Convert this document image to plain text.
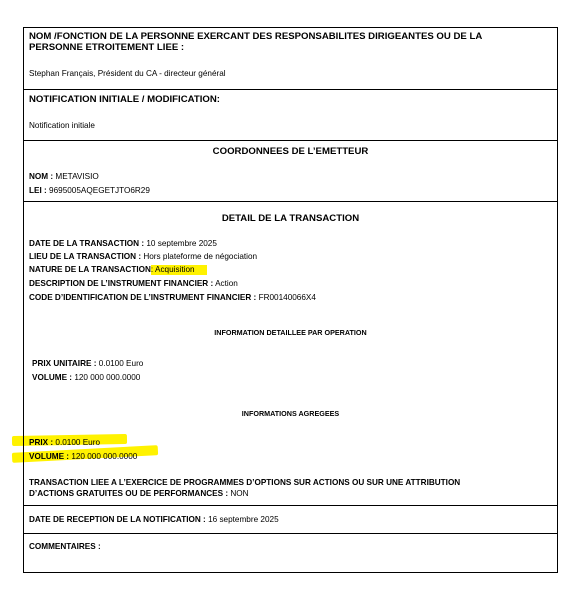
NOM /FONCTION DE LA PERSONNE EXERCANT DES RESPONSABILITES DIRIGEANTES OU DE LA
PERSONNE ETROITEMENT LIEE :
Stephan Français, Président du CA - directeur général
NOTIFICATION INITIALE / MODIFICATION:
Notification initiale
COORDONNEES DE L’EMETTEUR
NOM : METAVISIO
LEI : 9695005AQEGETJTO6R29
DETAIL DE LA TRANSACTION
DATE DE LA TRANSACTION : 10 septembre 2025
LIEU DE LA TRANSACTION : Hors plateforme de négociation
NATURE DE LA TRANSACTION: Acquisition
DESCRIPTION DE L’INSTRUMENT FINANCIER : Action
CODE D’IDENTIFICATION DE L’INSTRUMENT FINANCIER : FR00140066X4
INFORMATION DETAILLEE PAR OPERATION
PRIX UNITAIRE : 0.0100 Euro
VOLUME : 120 000 000.0000
INFORMATIONS AGREGEES
PRIX : 0.0100 Euro
VOLUME : 120 000 000.0000
TRANSACTION LIEE A L’EXERCICE DE PROGRAMMES D’OPTIONS SUR ACTIONS OU SUR UNE ATTRIBUTION
D’ACTIONS GRATUITES OU DE PERFORMANCES : NON
DATE DE RECEPTION DE LA NOTIFICATION : 16 septembre 2025
COMMENTAIRES :
